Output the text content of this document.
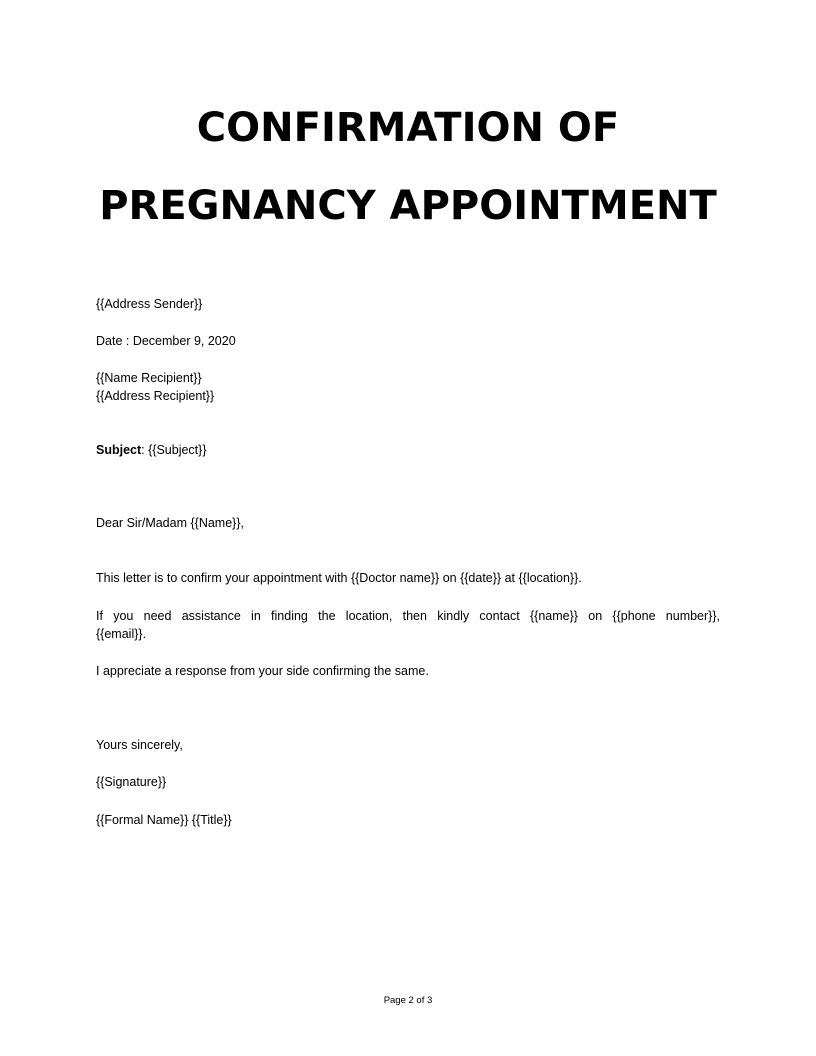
CONFIRMATION OF
PREGNANCY APPOINTMENT

{{Address Sender}}

Date : December 9, 2020

{{Name Recipient}}

{{Address Recipient}}

Subject: {{Subject}}

Dear Sir/Madam {{Name}},

This letter is to confirm your appointment with {{Doctor name}} on {{date}} at {{location}}.

If you need assistance in finding the location, then kindly contact {{name}} on {{phone number}},
{{email}}.

I appreciate a response from your side confirming the same.

Yours sincerely,

{{Signature}}

{{Formal Name}} {{Title}}

Page 2 of 3
